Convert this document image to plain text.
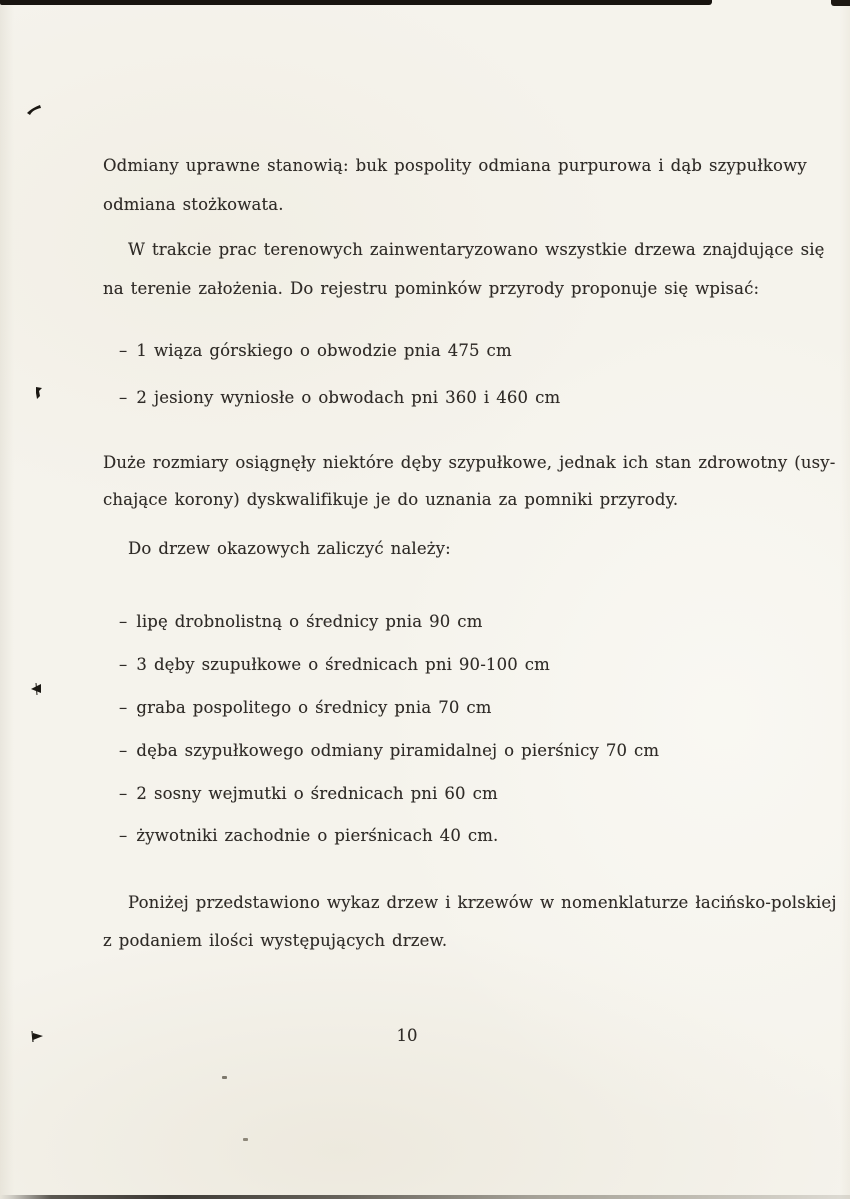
Odmiany uprawne stanowią: buk pospolity odmiana purpurowa i dąb szypułkowy
odmiana stożkowata.
W trakcie prac terenowych zainwentaryzowano wszystkie drzewa znajdujące się
na terenie założenia. Do rejestru pominków przyrody proponuje się wpisać:
– 1 wiąza górskiego o obwodzie pnia 475 cm
– 2 jesiony wyniosłe o obwodach pni 360 i 460 cm
Duże rozmiary osiągnęły niektóre dęby szypułkowe, jednak ich stan zdrowotny (usy-
chające korony) dyskwalifikuje je do uznania za pomniki przyrody.
Do drzew okazowych zaliczyć należy:
– lipę drobnolistną o średnicy pnia 90 cm
– 3 dęby szupułkowe o średnicach pni 90-100 cm
– graba pospolitego o średnicy pnia 70 cm
– dęba szypułkowego odmiany piramidalnej o pierśnicy 70 cm
– 2 sosny wejmutki o średnicach pni 60 cm
– żywotniki zachodnie o pierśnicach 40 cm.
Poniżej przedstawiono wykaz drzew i krzewów w nomenklaturze łacińsko-polskiej
z podaniem ilości występujących drzew.
10
